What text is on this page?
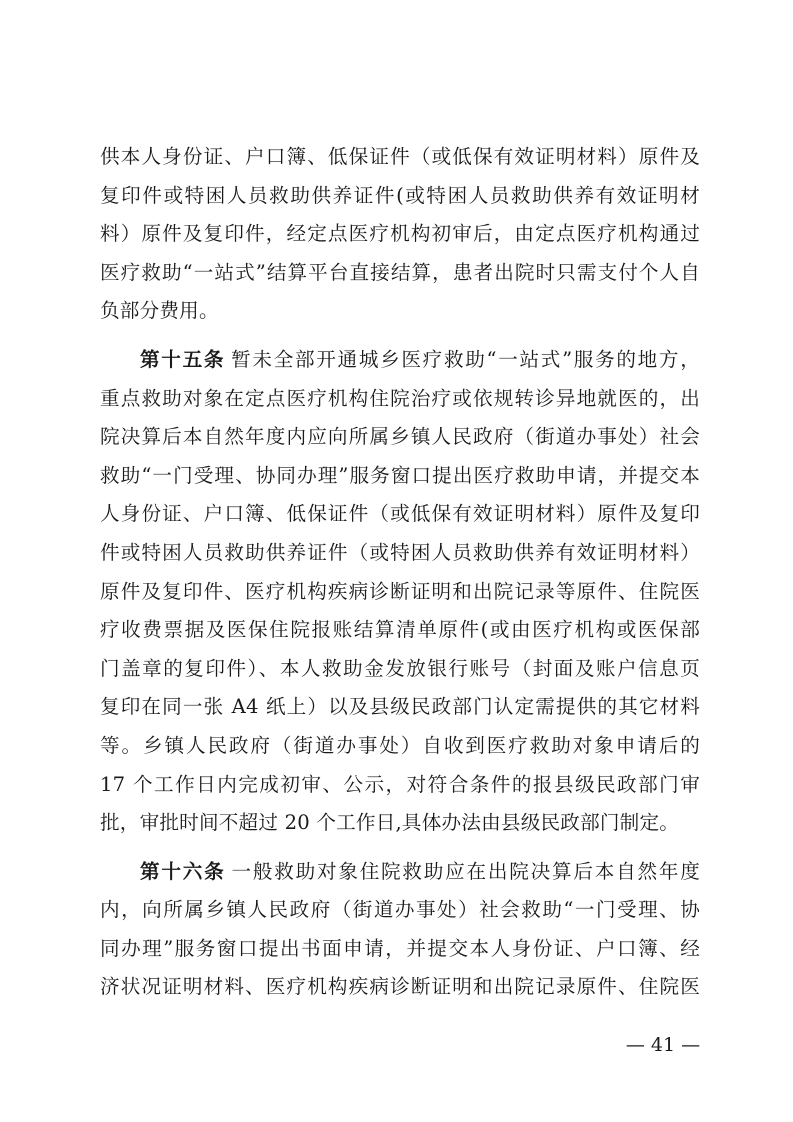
供本人身份证、户口簿、低保证件（或低保有效证明材料）原件及
复印件或特困人员救助供养证件(或特困人员救助供养有效证明材
料）原件及复印件，经定点医疗机构初审后，由定点医疗机构通过
医疗救助“一站式”结算平台直接结算，患者出院时只需支付个人自
负部分费用。
第十五条 暂未全部开通城乡医疗救助“一站式”服务的地方，
重点救助对象在定点医疗机构住院治疗或依规转诊异地就医的，出
院决算后本自然年度内应向所属乡镇人民政府（街道办事处）社会
救助“一门受理、协同办理”服务窗口提出医疗救助申请，并提交本
人身份证、户口簿、低保证件（或低保有效证明材料）原件及复印
件或特困人员救助供养证件（或特困人员救助供养有效证明材料）
原件及复印件、医疗机构疾病诊断证明和出院记录等原件、住院医
疗收费票据及医保住院报账结算清单原件(或由医疗机构或医保部
门盖章的复印件）、本人救助金发放银行账号（封面及账户信息页
复印在同一张 A4 纸上）以及县级民政部门认定需提供的其它材料
等。乡镇人民政府（街道办事处）自收到医疗救助对象申请后的
17 个工作日内完成初审、公示，对符合条件的报县级民政部门审
批，审批时间不超过 20 个工作日,具体办法由县级民政部门制定。
第十六条 一般救助对象住院救助应在出院决算后本自然年度
内，向所属乡镇人民政府（街道办事处）社会救助“一门受理、协
同办理”服务窗口提出书面申请，并提交本人身份证、户口簿、经
济状况证明材料、医疗机构疾病诊断证明和出院记录原件、住院医
— 41 —
